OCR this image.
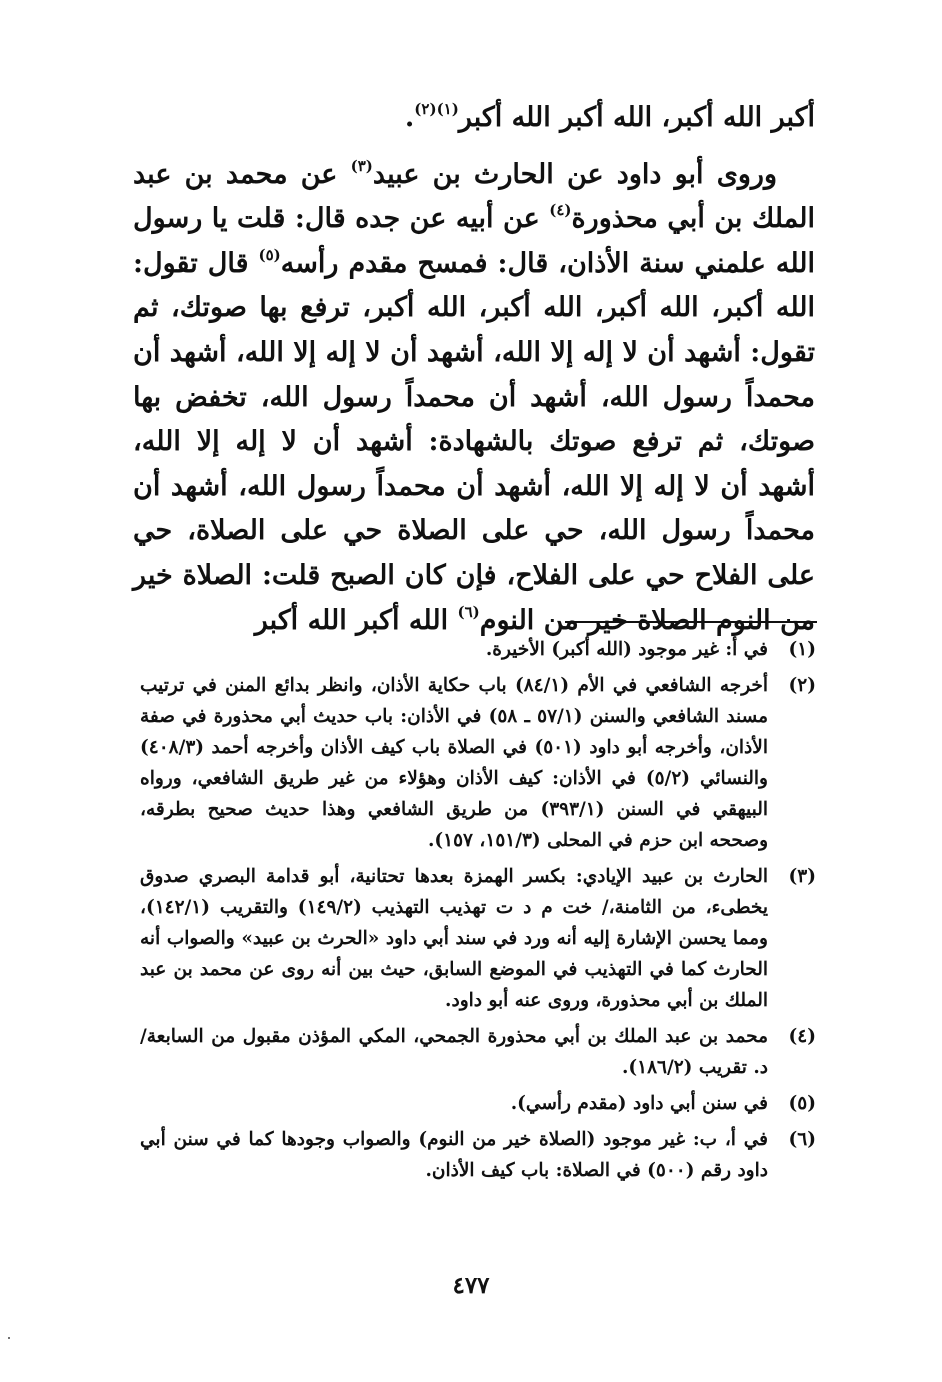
أكبر الله أكبر، الله أكبر الله أكبر$^{(١)(٢)}$.

وروى أبو داود عن الحارث بن عبيد$^{(٣)}$ عن محمد بن عبد الملك بن أبي محذورة$^{(٤)}$ عن أبيه عن جده قال: قلت يا رسول الله علمني سنة الأذان، قال: فمسح مقدم رأسه$^{(٥)}$ قال تقول: الله أكبر، الله أكبر، الله أكبر، الله أكبر، ترفع بها صوتك، ثم تقول: أشهد أن لا إله إلا الله، أشهد أن لا إله إلا الله، أشهد أن محمداً رسول الله، أشهد أن محمداً رسول الله، تخفض بها صوتك، ثم ترفع صوتك بالشهادة: أشهد أن لا إله إلا الله، أشهد أن لا إله إلا الله، أشهد أن محمداً رسول الله، أشهد أن محمداً رسول الله، حي على الصلاة حي على الصلاة، حي على الفلاح حي على الفلاح، فإن كان الصبح قلت: الصلاة خير من النوم الصلاة خير من النوم$^{(٦)}$ الله أكبر الله أكبر

(١)
في أ: غير موجود (الله أكبر) الأخيرة.
(٢)
أخرجه الشافعي في الأم (٨٤/١) باب حكاية الأذان، وانظر بدائع المنن في ترتيب مسند الشافعي والسنن (٥٧/١ ـ ٥٨) في الأذان: باب حديث أبي محذورة في صفة الأذان، وأخرجه أبو داود (٥٠١) في الصلاة باب كيف الأذان وأخرجه أحمد (٤٠٨/٣) والنسائي (٥/٢) في الأذان: كيف الأذان وهؤلاء من غير طريق الشافعي، ورواه البيهقي في السنن (٣٩٣/١) من طريق الشافعي وهذا حديث صحيح بطرقه، وصححه ابن حزم في المحلى (١٥١/٣، ١٥٧).
(٣)
الحارث بن عبيد الإيادي: بكسر الهمزة بعدها تحتانية، أبو قدامة البصري صدوق يخطىء، من الثامنة،/ خت م د ت تهذيب التهذيب (١٤٩/٢) والتقريب (١٤٢/١)، ومما يحسن الإشارة إليه أنه ورد في سند أبي داود «الحرث بن عبيد» والصواب أنه الحارث كما في التهذيب في الموضع السابق، حيث بين أنه روى عن محمد بن عبد الملك بن أبي محذورة، وروى عنه أبو داود.
(٤)
محمد بن عبد الملك بن أبي محذورة الجمحي، المكي المؤذن مقبول من السابعة/ د. تقريب (١٨٦/٢).
(٥)
في سنن أبي داود (مقدم رأسي).
(٦)
في أ، ب: غير موجود (الصلاة خير من النوم) والصواب وجودها كما في سنن أبي داود رقم (٥٠٠) في الصلاة: باب كيف الأذان.
٤٧٧
